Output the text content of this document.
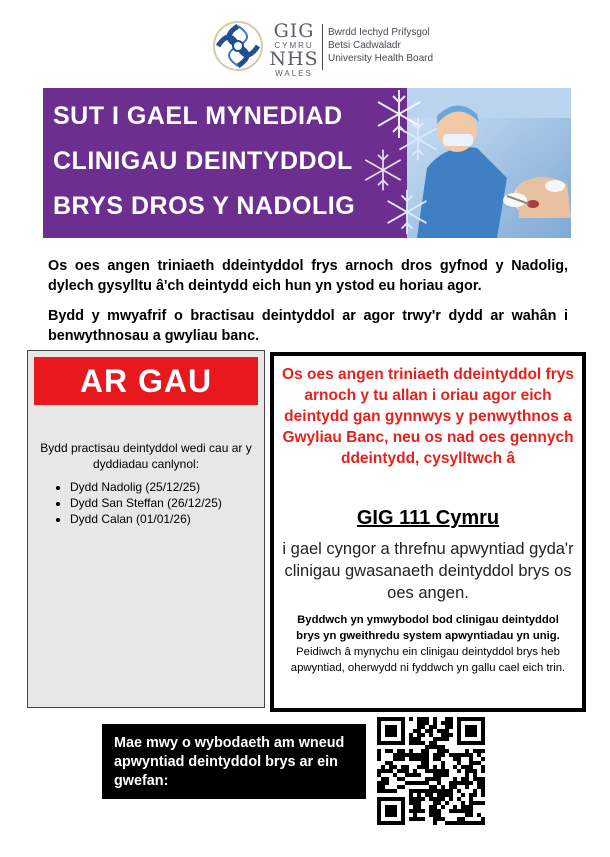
GIG
CYMRU
NHS
WALES
Bwrdd Iechyd Prifysgol
Betsi Cadwaladr
University Health Board
SUT I GAEL MYNEDIAD
CLINIGAU DEINTYDDOL
BRYS DROS Y NADOLIG

Os oes angen triniaeth ddeintyddol frys arnoch dros gyfnod y Nadolig, dylech gysylltu â'ch deintydd eich hun yn ystod eu horiau agor.

Bydd y mwyafrif o bractisau deintyddol ar agor trwy'r dydd ar wahân i benwythnosau a gwyliau banc.

AR GAU
Bydd practisau deintyddol wedi cau ar y dyddiadau canlynol:
• Dydd Nadolig (25/12/25)
• Dydd San Steffan (26/12/25)
• Dydd Calan (01/01/26)
Os oes angen triniaeth ddeintyddol frys arnoch y tu allan i oriau agor eich deintydd gan gynnwys y penwythnos a Gwyliau Banc, neu os nad oes gennych ddeintydd, cysylltwch â
GIG 111 Cymru
i gael cyngor a threfnu apwyntiad gyda'r clinigau gwasanaeth deintyddol brys os oes angen.
Byddwch yn ymwybodol bod clinigau deintyddol brys yn gweithredu system apwyntiadau yn unig. Peidiwch â mynychu ein clinigau deintyddol brys heb apwyntiad, oherwydd ni fyddwch yn gallu cael eich trin.
Mae mwy o wybodaeth am wneud apwyntiad deintyddol brys ar ein gwefan:
